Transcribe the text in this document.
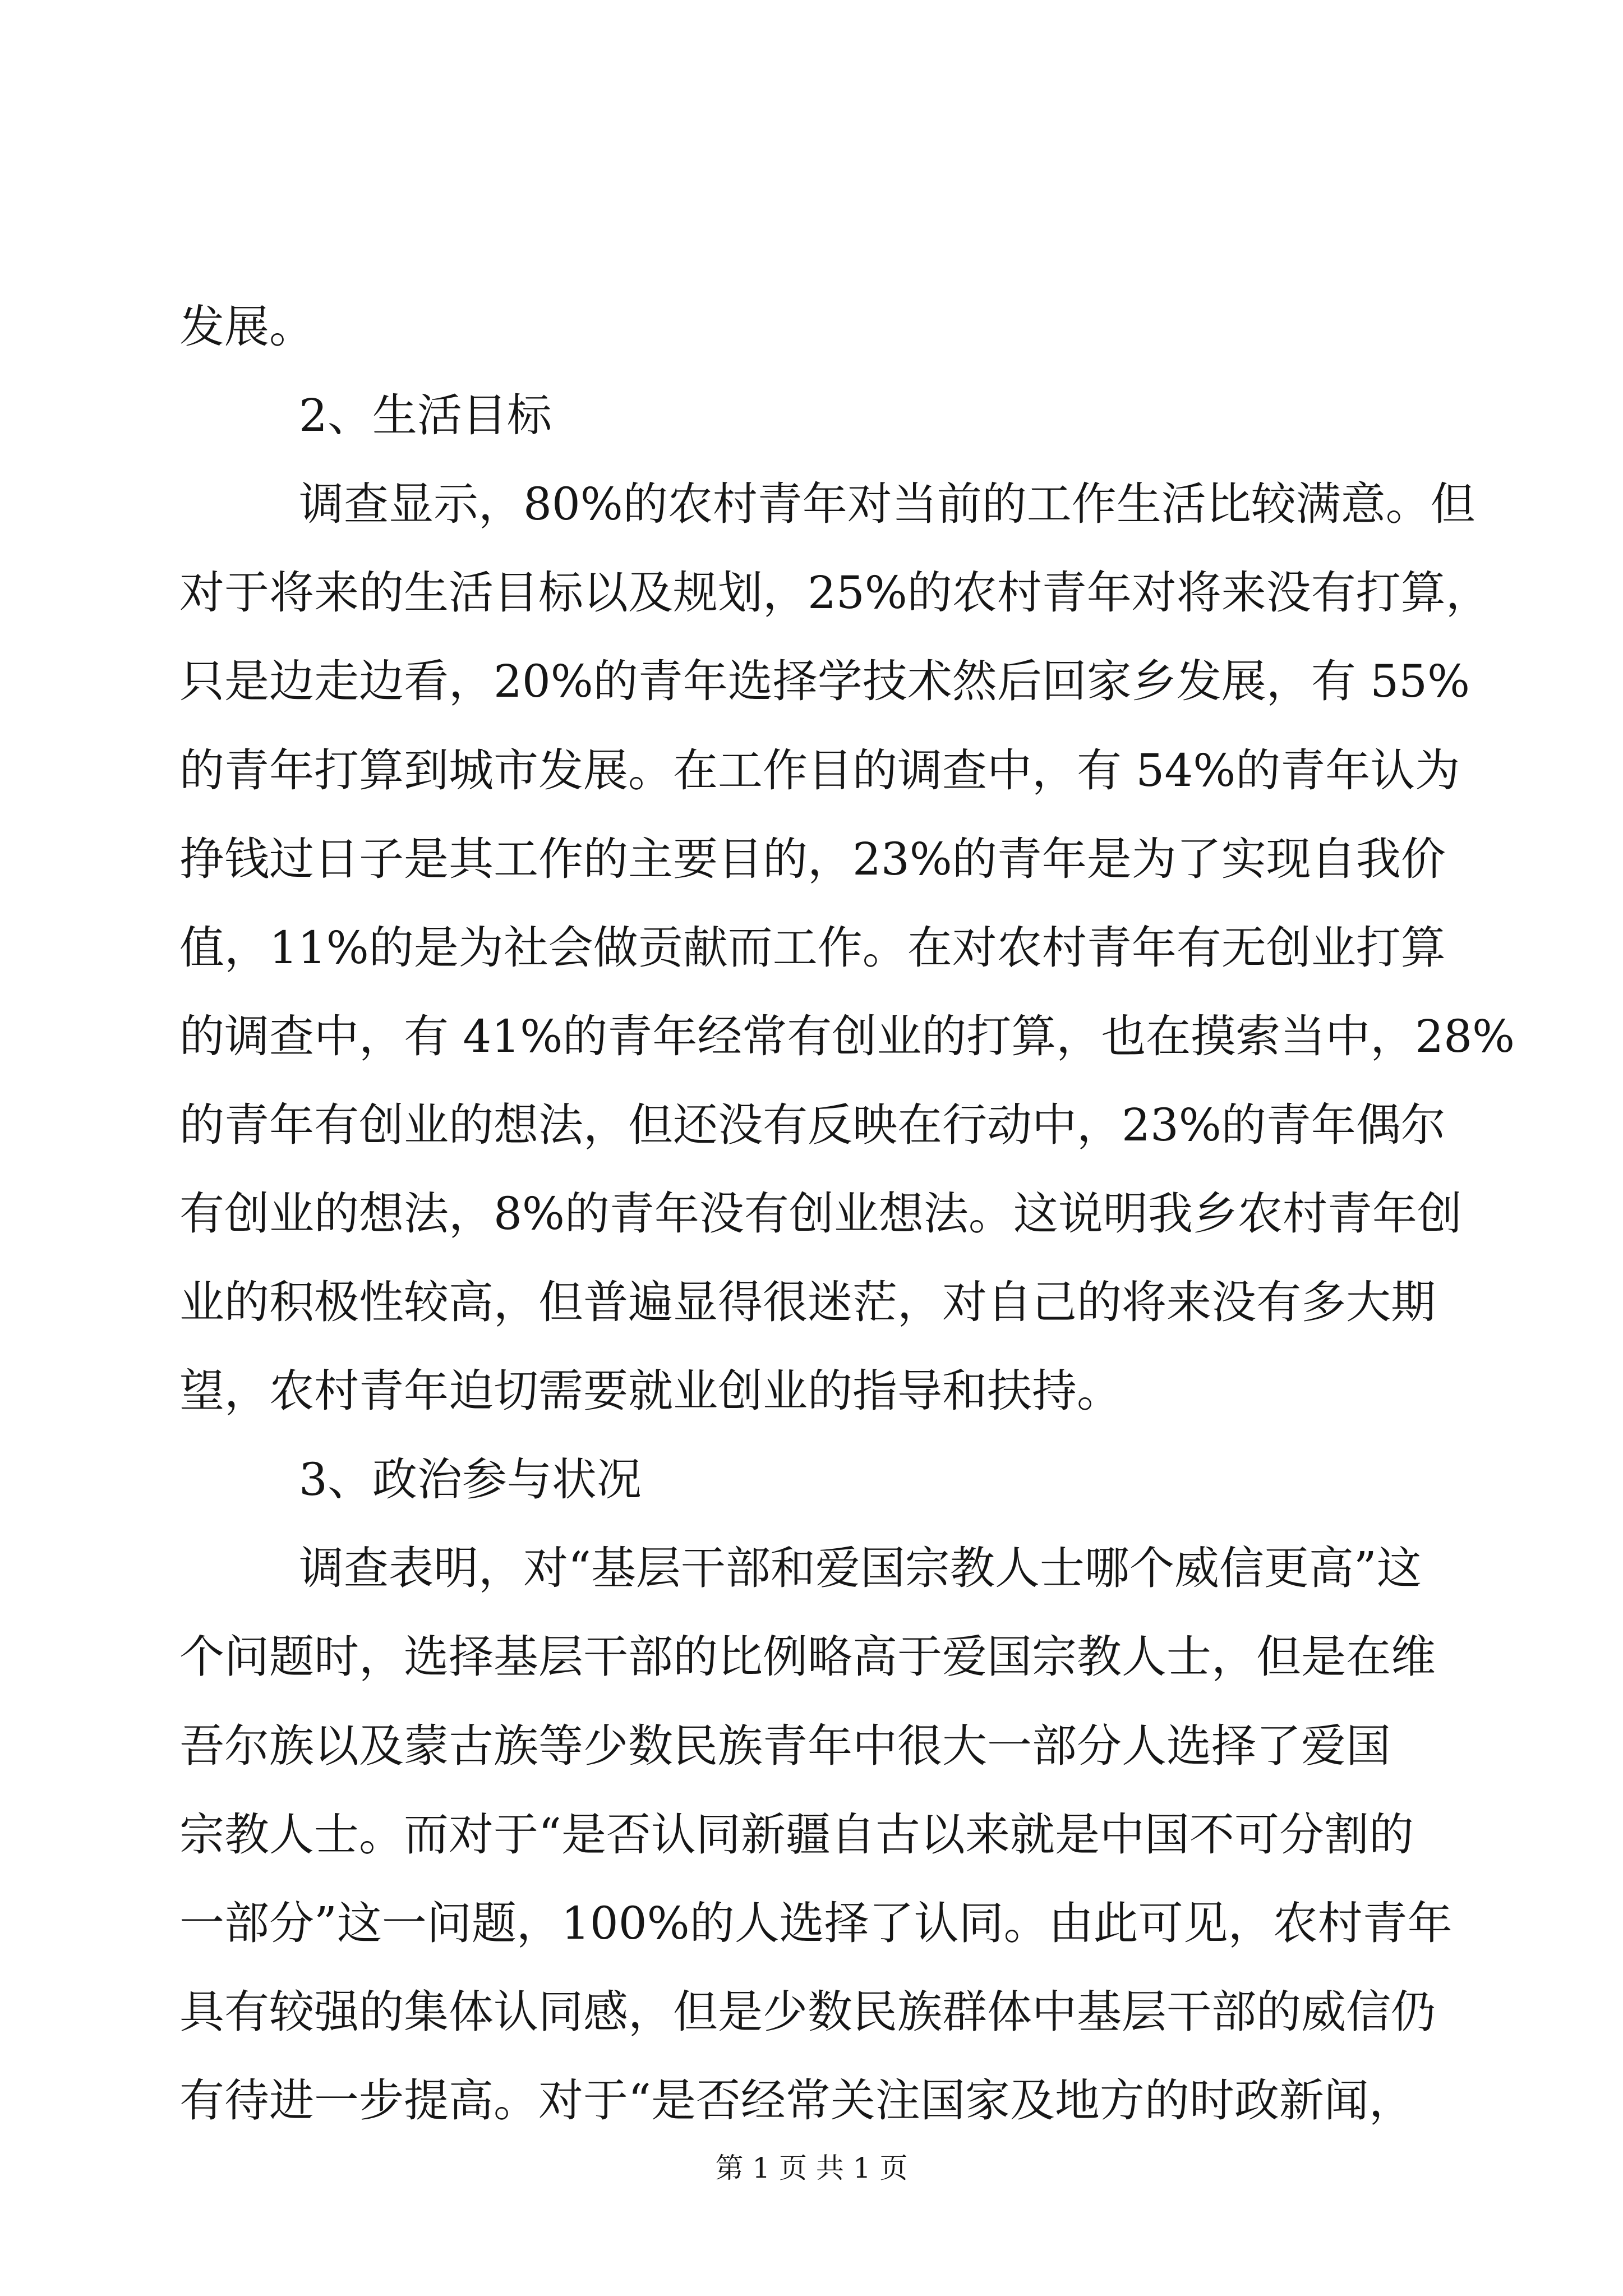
发展。
2、生活目标
调查显示，80%的农村青年对当前的工作生活比较满意。但
对于将来的生活目标以及规划，25%的农村青年对将来没有打算，
只是边走边看，20%的青年选择学技术然后回家乡发展，有 55%
的青年打算到城市发展。在工作目的调查中，有 54%的青年认为
挣钱过日子是其工作的主要目的，23%的青年是为了实现自我价
值，11%的是为社会做贡献而工作。在对农村青年有无创业打算
的调查中，有 41%的青年经常有创业的打算，也在摸索当中，28%
的青年有创业的想法，但还没有反映在行动中，23%的青年偶尔
有创业的想法，8%的青年没有创业想法。这说明我乡农村青年创
业的积极性较高，但普遍显得很迷茫，对自己的将来没有多大期
望，农村青年迫切需要就业创业的指导和扶持。
3、政治参与状况
调查表明，对“基层干部和爱国宗教人士哪个威信更高”这
个问题时，选择基层干部的比例略高于爱国宗教人士，但是在维
吾尔族以及蒙古族等少数民族青年中很大一部分人选择了爱国
宗教人士。而对于“是否认同新疆自古以来就是中国不可分割的
一部分”这一问题，100%的人选择了认同。由此可见，农村青年
具有较强的集体认同感，但是少数民族群体中基层干部的威信仍
有待进一步提高。对于“是否经常关注国家及地方的时政新闻，
第 1 页 共 1 页
